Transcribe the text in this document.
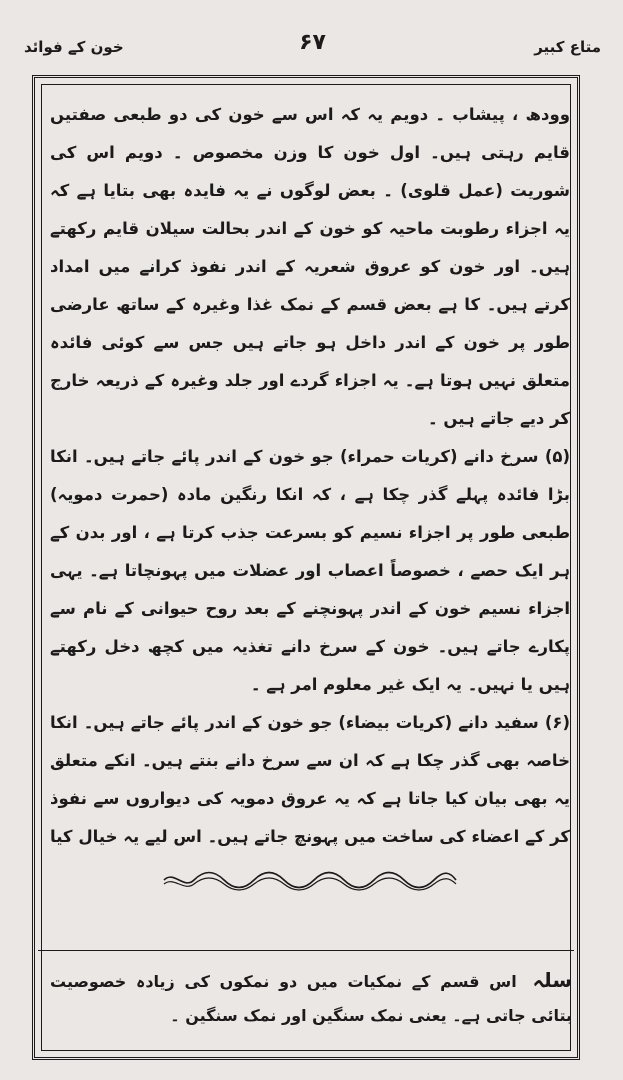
متاع کبیر
۶۷
خون کے فوائد

وودھ ، پیشاب ۔ دویم یہ کہ اس سے خون کی دو طبعی صفتیں قایم رہتی ہیں۔ اول خون کا وزن مخصوص ۔ دویم اس کی شوریت (عمل قلوی) ۔ بعض لوگوں نے یہ فایدہ بھی بتایا ہے کہ یہ اجزاء رطوبت ماحیہ کو خون کے اندر بحالت سیلان قایم رکھتے ہیں۔ اور خون کو عروق شعریہ کے اندر نفوذ کرانے میں امداد کرتے ہیں۔ کا ہے بعض قسم کے نمک غذا وغیرہ کے ساتھ عارضی طور پر خون کے اندر داخل ہو جاتے ہیں جس سے کوئی فائدہ متعلق نہیں ہوتا ہے۔ یہ اجزاء گردے اور جلد وغیرہ کے ذریعہ خارج کر دیے جاتے ہیں ۔

(۵) سرخ دانے (کریات حمراء) جو خون کے اندر پائے جاتے ہیں۔ انکا بڑا فائدہ پہلے گذر چکا ہے ، کہ انکا رنگین مادہ (حمرت دمویہ) طبعی طور پر اجزاء نسیم کو بسرعت جذب کرتا ہے ، اور بدن کے ہر ایک حصے ، خصوصاً اعصاب اور عضلات میں پہونچاتا ہے۔ یہی اجزاء نسیم خون کے اندر پہونچنے کے بعد روح حیوانی کے نام سے پکارے جاتے ہیں۔ خون کے سرخ دانے تغذیہ میں کچھ دخل رکھتے ہیں یا نہیں۔ یہ ایک غیر معلوم امر ہے ۔

(۶) سفید دانے (کریات بیضاء) جو خون کے اندر پائے جاتے ہیں۔ انکا خاصہ بھی گذر چکا ہے کہ ان سے سرخ دانے بنتے ہیں۔ انکے متعلق یہ بھی بیان کیا جاتا ہے کہ یہ عروق دمویہ کی دیواروں سے نفوذ کر کے اعضاء کی ساخت میں پہونچ جاتے ہیں۔ اس لیے یہ خیال کیا

سلہ اس قسم کے نمکیات میں دو نمکوں کی زیادہ خصوصیت بتائی جاتی ہے۔ یعنی نمک سنگین اور نمک سنگین ۔
